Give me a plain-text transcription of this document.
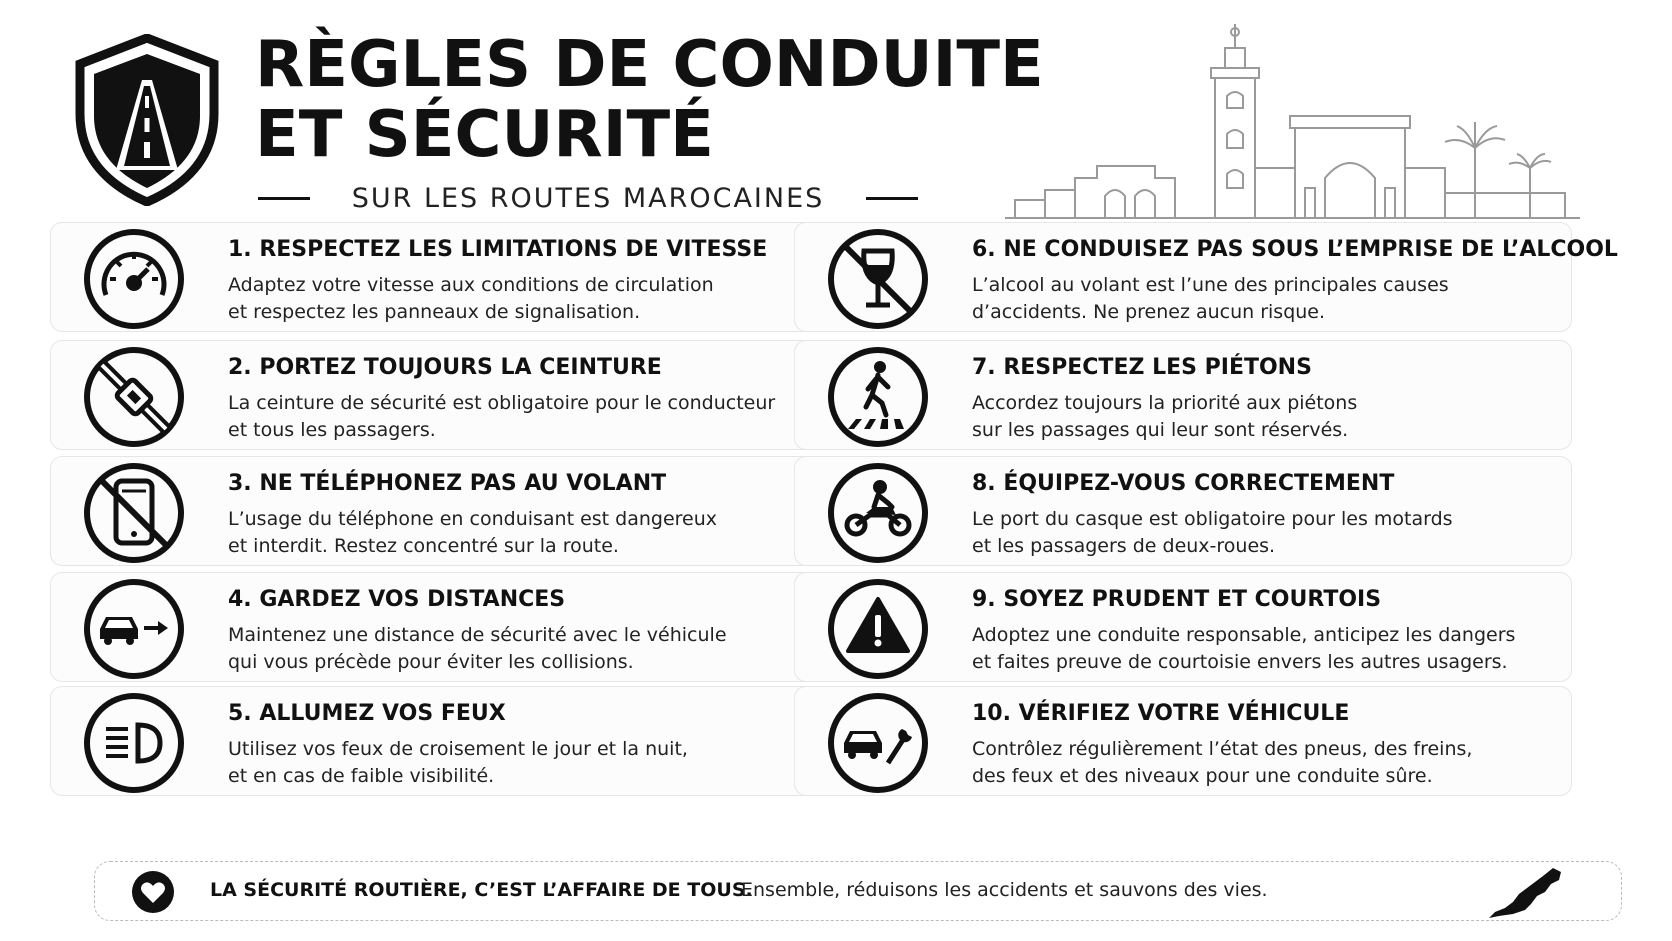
RÈGLES DE CONDUITE
ET SÉCURITÉ
SUR LES ROUTES MAROCAINES
1. RESPECTEZ LES LIMITATIONS DE VITESSE
Adaptez votre vitesse aux conditions de circulation
et respectez les panneaux de signalisation.
2. PORTEZ TOUJOURS LA CEINTURE
La ceinture de sécurité est obligatoire pour le conducteur
et tous les passagers.
3. NE TÉLÉPHONEZ PAS AU VOLANT
L’usage du téléphone en conduisant est dangereux
et interdit. Restez concentré sur la route.
4. GARDEZ VOS DISTANCES
Maintenez une distance de sécurité avec le véhicule
qui vous précède pour éviter les collisions.
5. ALLUMEZ VOS FEUX
Utilisez vos feux de croisement le jour et la nuit,
et en cas de faible visibilité.
6. NE CONDUISEZ PAS SOUS L’EMPRISE DE L’ALCOOL
L’alcool au volant est l’une des principales causes
d’accidents. Ne prenez aucun risque.
7. RESPECTEZ LES PIÉTONS
Accordez toujours la priorité aux piétons
sur les passages qui leur sont réservés.
8. ÉQUIPEZ-VOUS CORRECTEMENT
Le port du casque est obligatoire pour les motards
et les passagers de deux-roues.
9. SOYEZ PRUDENT ET COURTOIS
Adoptez une conduite responsable, anticipez les dangers
et faites preuve de courtoisie envers les autres usagers.
10. VÉRIFIEZ VOTRE VÉHICULE
Contrôlez régulièrement l’état des pneus, des freins,
des feux et des niveaux pour une conduite sûre.
LA SÉCURITÉ ROUTIÈRE, C’EST L’AFFAIRE DE TOUS.
Ensemble, réduisons les accidents et sauvons des vies.
